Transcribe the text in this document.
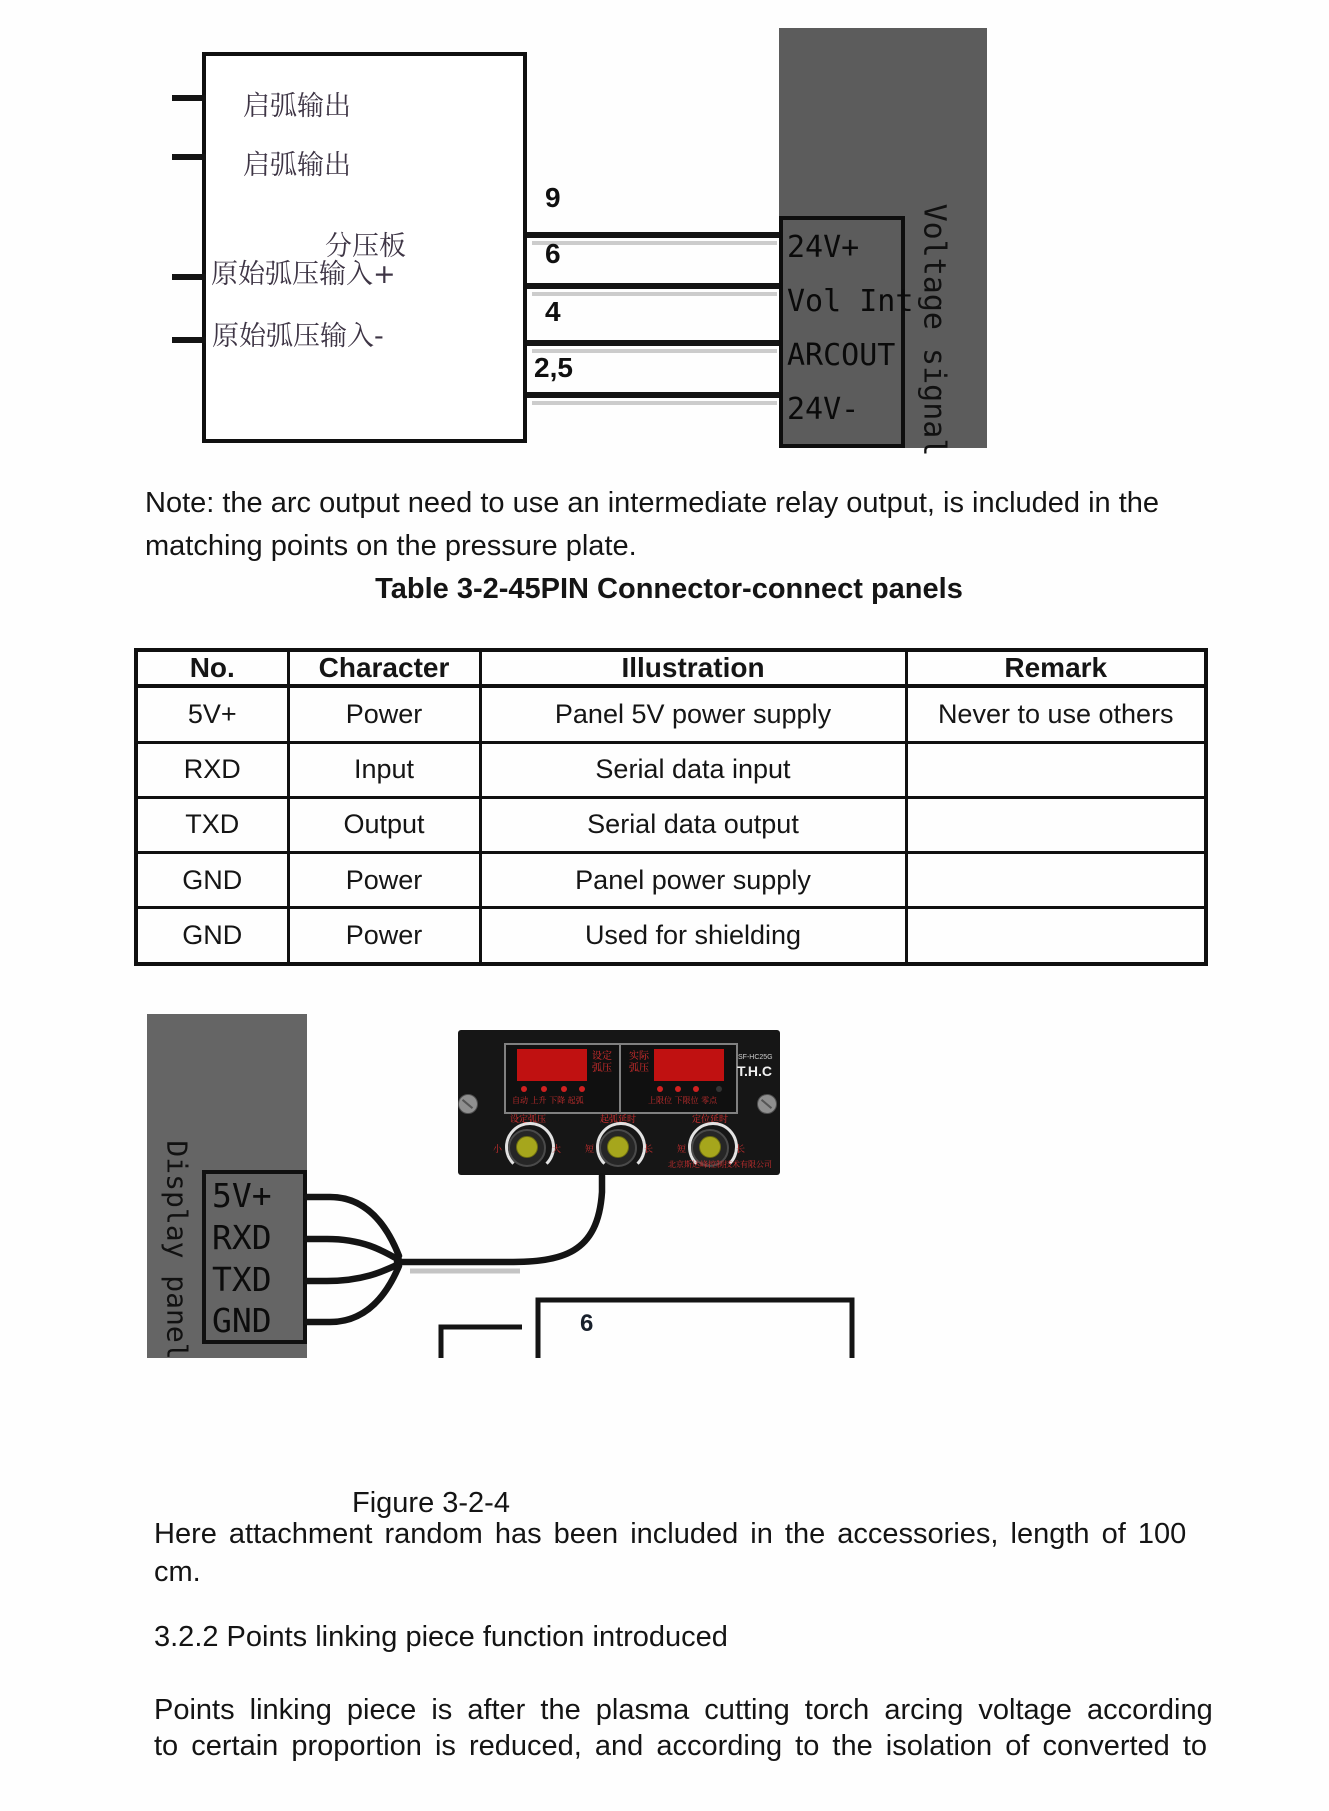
Voltage signal
启弧输出
启弧输出
分压板
原始弧压输入+
原始弧压输入-
9
6
4
2,5
24V+
Vol Int
ARCOUT
24V-
Note: the arc output need to use an intermediate relay output, is included in the
matching points on the pressure plate.
Table 3-2-45PIN Connector-connect panels
No.	Character	Illustration	Remark
5V+	Power	Panel 5V power supply	Never to use others
RXD	Input	Serial data input	
TXD	Output	Serial data output	
GND	Power	Panel power supply	
GND	Power	Used for shielding	
Display panel 5V+
RXD
TXD
GND
设定
弧压
实际
弧压
SF-HC25G
T.H.C
自动 上升 下降 起弧	上限位 下限位 零点
设定弧压	起弧延时	定位延时
小	大	短	长	短	长
北京斯达峰控制技术有限公司
6
Figure 3-2-4
Here attachment random has been included in the accessories, length of 100
cm.
3.2.2 Points linking piece function introduced
Points linking piece is after the plasma cutting torch arcing voltage according
to certain proportion is reduced, and according to the isolation of converted to
